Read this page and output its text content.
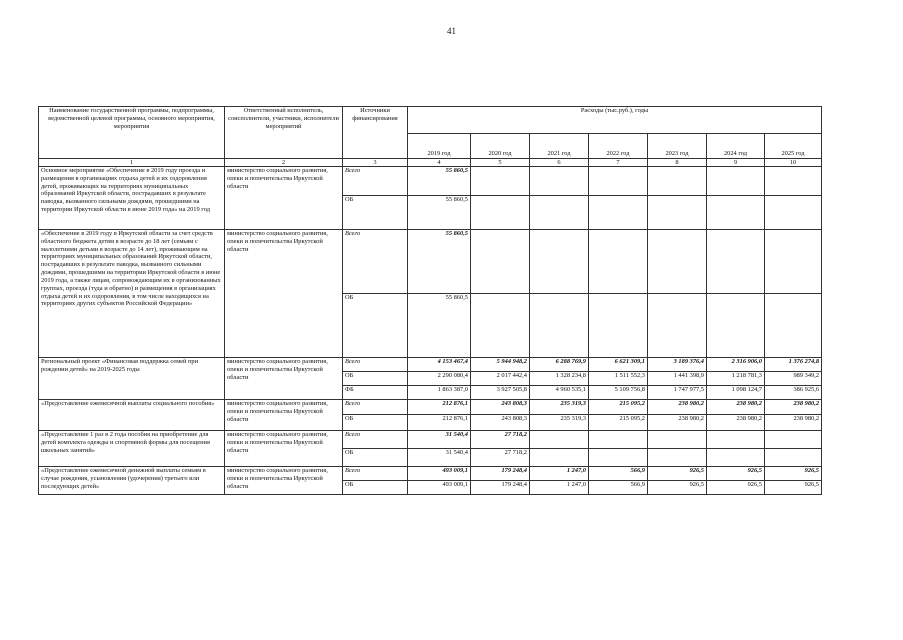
41
Наименование государственной программы, подпрограммы, ведомственной целевой программы, основного мероприятия, мероприятия	Ответственный исполнитель, соисполнители, участники, исполнители мероприятий	Источники финансирования	Расходы (тыс.руб.), годы						
			2019 год	2020 год	2021 год	2022 год	2023 год	2024 год	2025 год
1	2	3	4	5	6	7	8	9	10
Основное мероприятие «Обеспечение в 2019 году проезда и размещения в организациях отдыха детей и их оздоровления детей, проживающих на территориях муниципальных образований Иркутской области, пострадавших в результате паводка, вызванного сильными дождями, прошедшими на территории Иркутской области в июне 2019 года» на 2019 год	министерство социального развития, опеки и попечительства Иркутской области	Всего	55 860,5						
		ОБ	55 860,5						
«Обеспечение в 2019 году в Иркутской области за счет средств областного бюджета детям в возрасте до 18 лет (семьям с малолетними детьми в возрасте до 14 лет), проживающим на территориях муниципальных образований Иркутской области, пострадавших в результате паводка, вызванного сильными дождями, прошедшими на территории Иркутской области в июне 2019 года, а также лицам, сопровождающим их в организованных группах, проезда (туда и обратно) и размещения в организациях отдыха детей и их оздоровления, в том числе находящихся на территориях других субъектов Российской Федерации»	министерство социального развития, опеки и попечительства Иркутской области	Всего	55 860,5						
		ОБ	55 860,5						
Региональный проект «Финансовая поддержка семей при рождении детей» на 2019-2025 годы	министерство социального развития, опеки и попечительства Иркутской области	Всего	4 153 467,4	5 944 948,2	6 288 769,9	6 621 309,1	3 189 376,4	2 316 906,0	1 376 274,8
		ОБ	2 290 080,4	2 017 442,4	1 328 234,8	1 511 552,3	1 441 398,9	1 218 781,3	989 349,2
		ФБ	1 863 387,0	3 927 505,8	4 960 535,1	5 109 756,8	1 747 977,5	1 098 124,7	386 925,6
«Предоставление ежемесячной выплаты социального пособия»	министерство социального развития, опеки и попечительства Иркутской области	Всего	212 876,1	243 808,3	235 319,3	215 095,2	238 980,2	238 980,2	238 980,2
		ОБ	212 876,1	243 808,3	235 319,3	215 095,2	238 980,2	238 980,2	238 980,2
«Предоставление 1 раз в 2 года пособия на приобретение для детей комплекта одежды и спортивной формы для посещения школьных занятий»	министерство социального развития, опеки и попечительства Иркутской области	Всего	31 540,4	27 718,2					
		ОБ	31 540,4	27 718,2					
«Предоставление ежемесячной денежной выплаты семьям в случае рождения, усыновления (удочерения) третьего или последующих детей»	министерство социального развития, опеки и попечительства Иркутской области	Всего	493 009,1	179 248,4	1 247,0	566,9	926,5	926,5	926,5
		ОБ	493 009,1	179 248,4	1 247,0	566,9	926,5	926,5	926,5
